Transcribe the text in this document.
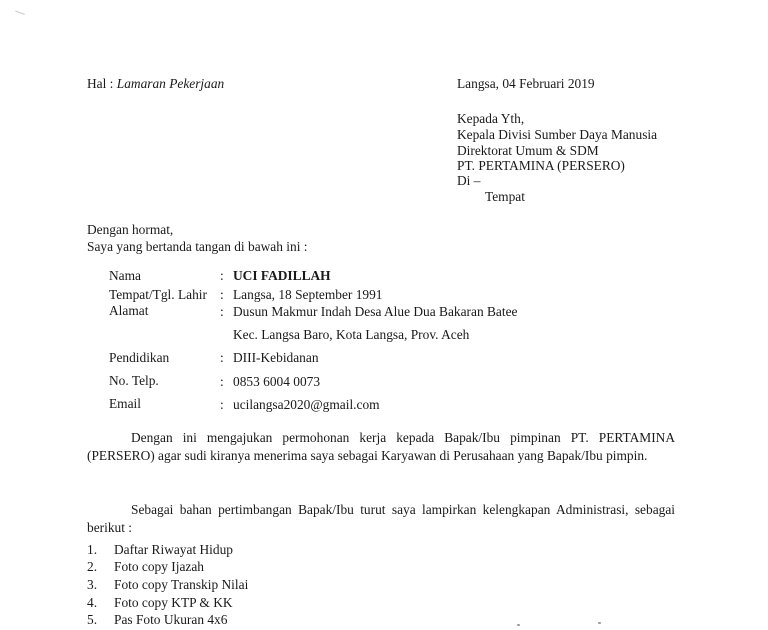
Hal : Lamaran Pekerjaan	Langsa, 04 Februari 2019
Kepada Yth,
Kepala Divisi Sumber Daya Manusia
Direktorat Umum & SDM
PT. PERTAMINA (PERSERO)
Di –
Tempat
Dengan hormat,
Saya yang bertanda tangan di bawah ini :
Nama	: UCI FADILLAH
Tempat/Tgl. Lahir : Langsa, 18 September 1991
Alamat	: Dusun Makmur Indah Desa Alue Dua Bakaran Batee
Kec. Langsa Baro, Kota Langsa, Prov. Aceh
Pendidikan	: DIII-Kebidanan
No. Telp.	: 0853 6004 0073
Email	: ucilangsa2020@gmail.com
Dengan ini mengajukan permohonan kerja kepada Bapak/Ibu pimpinan PT. PERTAMINA (PERSERO) agar sudi kiranya menerima saya sebagai Karyawan di Perusahaan yang Bapak/Ibu pimpin.
Sebagai bahan pertimbangan Bapak/Ibu turut saya lampirkan kelengkapan Administrasi, sebagai berikut :
1. Daftar Riwayat Hidup
2. Foto copy Ijazah
3. Foto copy Transkip Nilai
4. Foto copy KTP & KK
5. Pas Foto Ukuran 4x6
